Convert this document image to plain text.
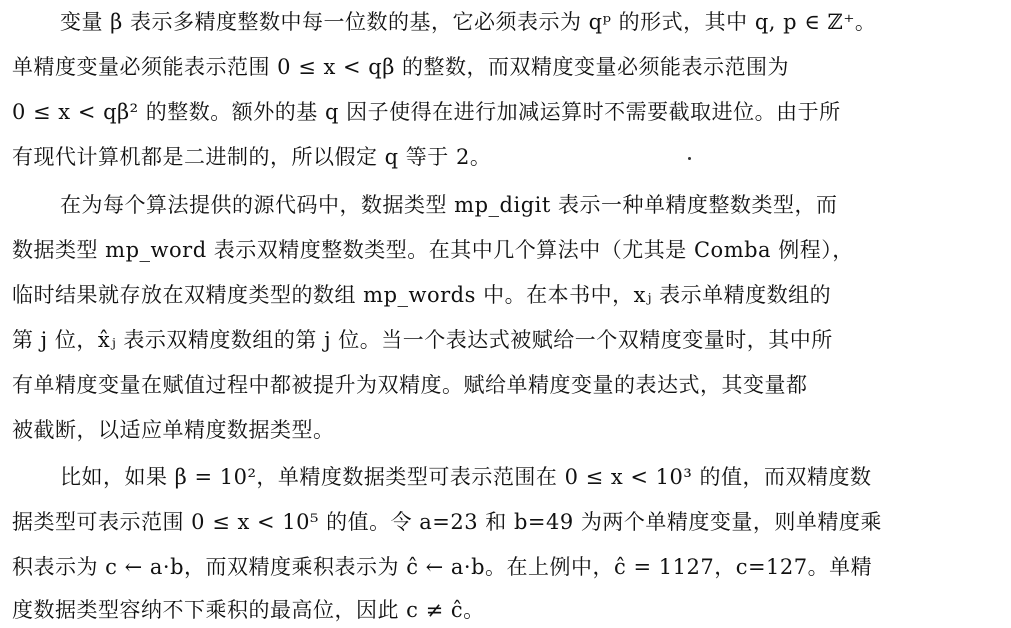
变量 β 表示多精度整数中每一位数的基，它必须表示为 qᵖ 的形式，其中 q, p ∈ ℤ⁺。
单精度变量必须能表示范围 0 ≤ x < qβ 的整数，而双精度变量必须能表示范围为
0 ≤ x < qβ² 的整数。额外的基 q 因子使得在进行加减运算时不需要截取进位。由于所
有现代计算机都是二进制的，所以假定 q 等于 2。
在为每个算法提供的源代码中，数据类型 mp_digit 表示一种单精度整数类型，而
数据类型 mp_word 表示双精度整数类型。在其中几个算法中（尤其是 Comba 例程），
临时结果就存放在双精度类型的数组 mp_words 中。在本书中，xⱼ 表示单精度数组的
第 j 位，x̂ⱼ 表示双精度数组的第 j 位。当一个表达式被赋给一个双精度变量时，其中所
有单精度变量在赋值过程中都被提升为双精度。赋给单精度变量的表达式，其变量都
被截断，以适应单精度数据类型。
比如，如果 β = 10²，单精度数据类型可表示范围在 0 ≤ x < 10³ 的值，而双精度数
据类型可表示范围 0 ≤ x < 10⁵ 的值。令 a=23 和 b=49 为两个单精度变量，则单精度乘
积表示为 c ← a·b，而双精度乘积表示为 ĉ ← a·b。在上例中，ĉ = 1127，c=127。单精
度数据类型容纳不下乘积的最高位，因此 c ≠ ĉ。
